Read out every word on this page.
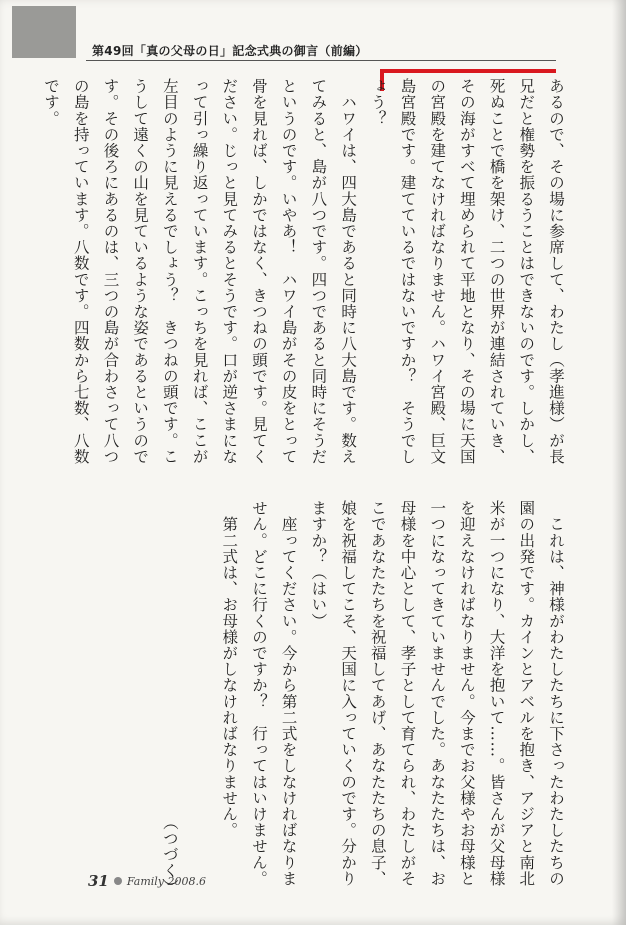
第49回「真の父母の日」記念式典の御言（前編）
あるので、その場に参席して、わたし（孝進様）が長
兄だと権勢を振るうことはできないのです。しかし、
死ぬことで橋を架け、二つの世界が連結されていき、
その海がすべて埋められて平地となり、その場に天国
の宮殿を建てなければなりません。ハワイ宮殿、巨文
島宮殿です。建てているではないですか？　そうでし
ょう？
　ハワイは、四大島であると同時に八大島です。数え
てみると、島が八つです。四つであると同時にそうだ
というのです。いやあ！　ハワイ島がその皮をとって
骨を見れば、しかではなく、きつねの頭です。見てく
ださい。じっと見てみるとそうです。口が逆さまにな
って引っ繰り返っています。こっちを見れば、ここが
左目のように見えるでしょう？　きつねの頭です。こ
うして遠くの山を見ているような姿であるというので
す。その後ろにあるのは、三つの島が合わさって八つ
の島を持っています。八数です。四数から七数、八数
です。
　これは、神様がわたしたちに下さったわたしたちの
園の出発です。カインとアベルを抱き、アジアと南北
米が一つになり、大洋を抱いて……。皆さんが父母様
を迎えなければなりません。今までお父様やお母様と
一つになってきていませんでした。あなたたちは、お
母様を中心として、孝子として育てられ、わたしがそ
こであなたたちを祝福してあげ、あなたたちの息子、
娘を祝福してこそ、天国に入っていくのです。分かり
ますか？（はい）
　座ってください。今から第二式をしなければなりま
せん。どこに行くのですか？　行ってはいけません。
　第二式は、お母様がしなければなりません。

　　　　　　　　　　　　　　　　　　　　（つづく）
31 Family 2008.6
